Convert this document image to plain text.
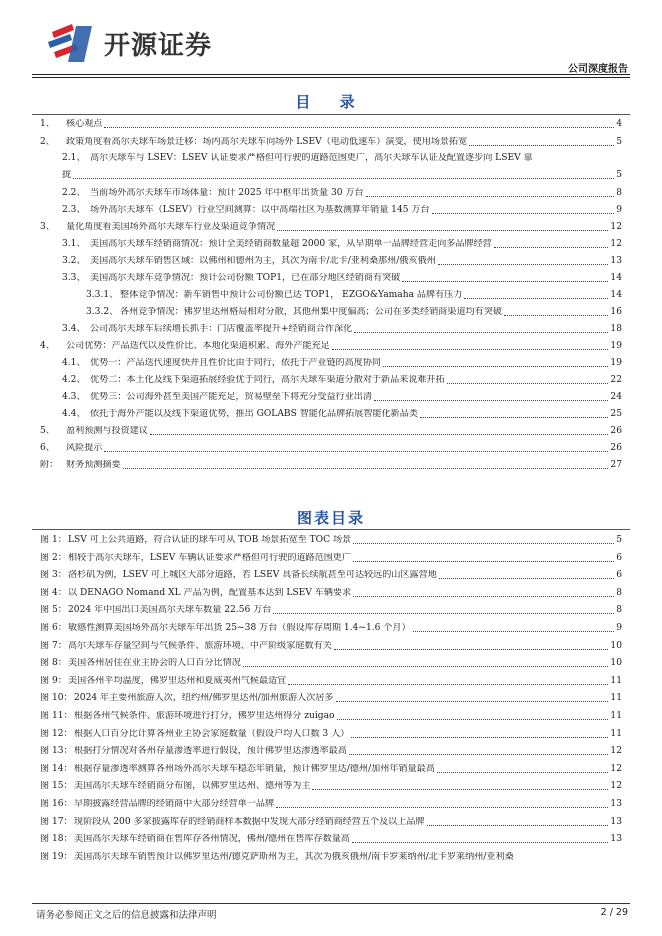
开源证券
公司深度报告
目 录
1、	核心观点	4
2、	政策角度看高尔夫球车场景迁移：场内高尔夫球车向场外 LSEV（电动低速车）演变，使用场景拓宽	5
2.1、 高尔夫球车与 LSEV：LSEV 认证要求严格但可行驶的道路范围更广，高尔夫球车认证及配置逐步向 LSEV 靠
拢	5
2.2、 当前场外高尔夫球车市场体量：预计 2025 年中枢年出货量 30 万台	8
2.3、 场外高尔夫球车（LSEV）行业空间测算：以中高端社区为基数测算年销量 145 万台	9
3、	量化角度看美国场外高尔夫球车行业及渠道竞争情况	12
3.1、 美国高尔夫球车经销商情况：预计全美经销商数量超 2000 家，从早期单一品牌经营走向多品牌经营	12
3.2、 美国高尔夫球车销售区域：以佛州和德州为主，其次为南卡/北卡/亚利桑那州/俄亥俄州	13
3.3、 美国高尔夫球车竞争情况：预计公司份额 TOP1，已在部分地区经销商有突破	14
3.3.1、 整体竞争情况：新车销售中预计公司份额已达 TOP1， EZGO&Yamaha 品牌有压力	14
3.3.2、 各州竞争情况：佛罗里达州格局相对分散，其他州集中度偏高；公司在多类经销商渠道均有突破	16
3.4、 公司高尔夫球车后续增长抓手：门店覆盖率提升+经销商合作深化	18
4、	公司优势：产品迭代以及性价比、本地化渠道积累、海外产能充足	19
4.1、 优势一：产品迭代速度快并且性价比由于同行，依托于产业链的高度协同	19
4.2、 优势二：本土化及线下渠道拓展经验优于同行，高尔夫球车渠道分散对于新品来说难开拓	22
4.3、 优势三：公司海外甚至美国产能充足，贸易壁垒下将充分受益行业出清	24
4.4、 依托于海外产能以及线下渠道优势，推出 GOLABS 智能化品牌拓展智能化新品类	25
5、	盈利预测与投资建议	26
6、	风险提示	26
附： 财务预测摘要	27
图表目录
图 1： LSV 可上公共道路，符合认证的球车可从 TOB 场景拓宽至 TOC 场景	5
图 2： 相较于高尔夫球车，LSEV 车辆认证要求严格但可行驶的道路范围更广	6
图 3： 洛杉矶为例，LSEV 可上城区大部分道路，若 LSEV 具备长续航甚至可达较远的山区露营地	6
图 4： 以 DENAGO Nomand XL 产品为例，配置基本达到 LSEV 车辆要求	8
图 5： 2024 年中国出口美国高尔夫球车数量 22.56 万台	8
图 6： 敏感性测算美国场外高尔夫球车年出货 25~38 万台（假设库存周期 1.4~1.6 个月）	9
图 7： 高尔夫球车存量空间与气候条件、旅游环境、中产阶级家庭数有关	10
图 8： 美国各州居住在业主协会的人口百分比情况	10
图 9： 美国各州平均温度，佛罗里达州和夏威夷州气候最适宜	11
图 10： 2024 年主要州旅游人次，纽约州/佛罗里达州/加州旅游人次居多	11
图 11： 根据各州气候条件、旅游环境进行打分，佛罗里达州得分 zuigao	11
图 12： 根据人口百分比计算各州业主协会家庭数量（假设户均人口数 3 人）	11
图 13： 根据打分情况对各州存量渗透率进行假设，预计佛罗里达渗透率最高	12
图 14： 根据存量渗透率测算各州场外高尔夫球车稳态年销量，预计佛罗里达/德州/加州年销量最高	12
图 15： 美国高尔夫球车经销商分布图，以佛罗里达州、德州等为主	12
图 16： 早期披露经营品牌的经销商中大部分经营单一品牌	13
图 17： 现阶段从 200 多家披露库存的经销商样本数据中发现大部分经销商经营五个及以上品牌	13
图 18： 美国高尔夫球车经销商在售库存各州情况，佛州/德州在售库存数量高	13
图 19： 美国高尔夫球车销售预计以佛罗里达州/德克萨斯州为主，其次为俄亥俄州/南卡罗莱纳州/北卡罗莱纳州/亚利桑
请务必参阅正文之后的信息披露和法律声明	2 / 29
